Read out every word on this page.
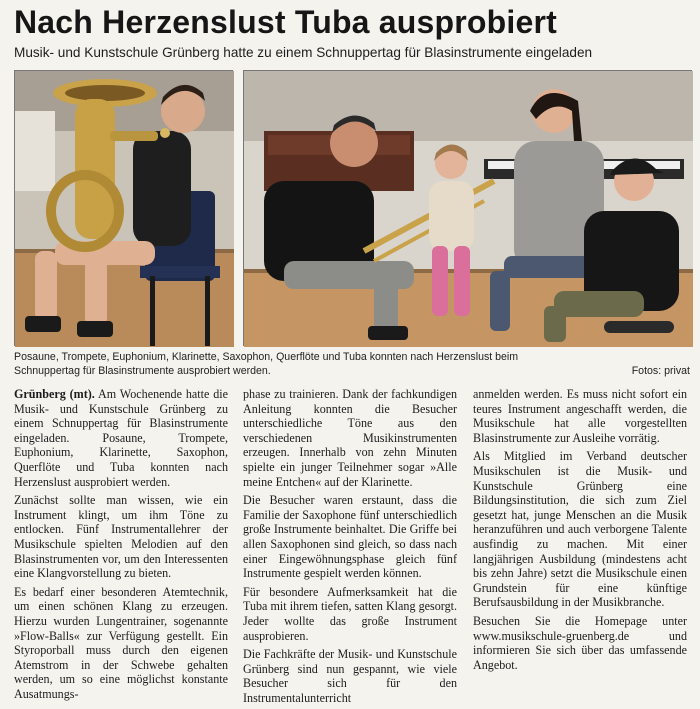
Nach Herzenslust Tuba ausprobiert
Musik- und Kunstschule Grünberg hatte zu einem Schnuppertag für Blasinstrumente eingeladen
Posaune, Trompete, Euphonium, Klarinette, Saxophon, Querflöte und Tuba konnten nach Herzenslust beim Schnuppertag für Blasinstrumente ausprobiert werden.	Fotos: privat

Grünberg (mt). Am Wochenende hatte die Musik- und Kunstschule Grünberg zu einem Schnuppertag für Blasinstrumente eingeladen. Posaune, Trompete, Euphonium, Klarinette, Saxophon, Querflöte und Tuba konnten nach Herzenslust ausprobiert werden.

Zunächst sollte man wissen, wie ein Instrument klingt, um ihm Töne zu entlocken. Fünf Instrumentallehrer der Musikschule spielten Melodien auf den Blasinstrumenten vor, um den Interessenten eine Klangvorstellung zu bieten.

Es bedarf einer besonderen Atemtechnik, um einen schönen Klang zu erzeugen. Hierzu wurden Lungentrainer, sogenannte »Flow-Balls« zur Verfügung gestellt. Ein Styroporball muss durch den eigenen Atemstrom in der Schwebe gehalten werden, um so eine möglichst konstante Ausatmungs-

phase zu trainieren. Dank der fachkundigen Anleitung konnten die Besucher unterschiedliche Töne aus den verschiedenen Musikinstrumenten erzeugen. Innerhalb von zehn Minuten spielte ein junger Teilnehmer sogar »Alle meine Entchen« auf der Klarinette.

Die Besucher waren erstaunt, dass die Familie der Saxophone fünf unterschiedlich große Instrumente beinhaltet. Die Griffe bei allen Saxophonen sind gleich, so dass nach einer Eingewöhnungsphase gleich fünf Instrumente gespielt werden können.

Für besondere Aufmerksamkeit hat die Tuba mit ihrem tiefen, satten Klang gesorgt. Jeder wollte das große Instrument ausprobieren.

Die Fachkräfte der Musik- und Kunstschule Grünberg sind nun gespannt, wie viele Besucher sich für den Instrumentalunterricht

anmelden werden. Es muss nicht sofort ein teures Instrument angeschafft werden, die Musikschule hat alle vorgestellten Blasinstrumente zur Ausleihe vorrätig.

Als Mitglied im Verband deutscher Musikschulen ist die Musik- und Kunstschule Grünberg eine Bildungsinstitution, die sich zum Ziel gesetzt hat, junge Menschen an die Musik heranzuführen und auch verborgene Talente ausfindig zu machen. Mit einer langjährigen Ausbildung (mindestens acht bis zehn Jahre) setzt die Musikschule einen Grundstein für eine künftige Berufsausbildung in der Musikbranche.

Besuchen Sie die Homepage unter www.musikschule-gruenberg.de und informieren Sie sich über das umfassende Angebot.
